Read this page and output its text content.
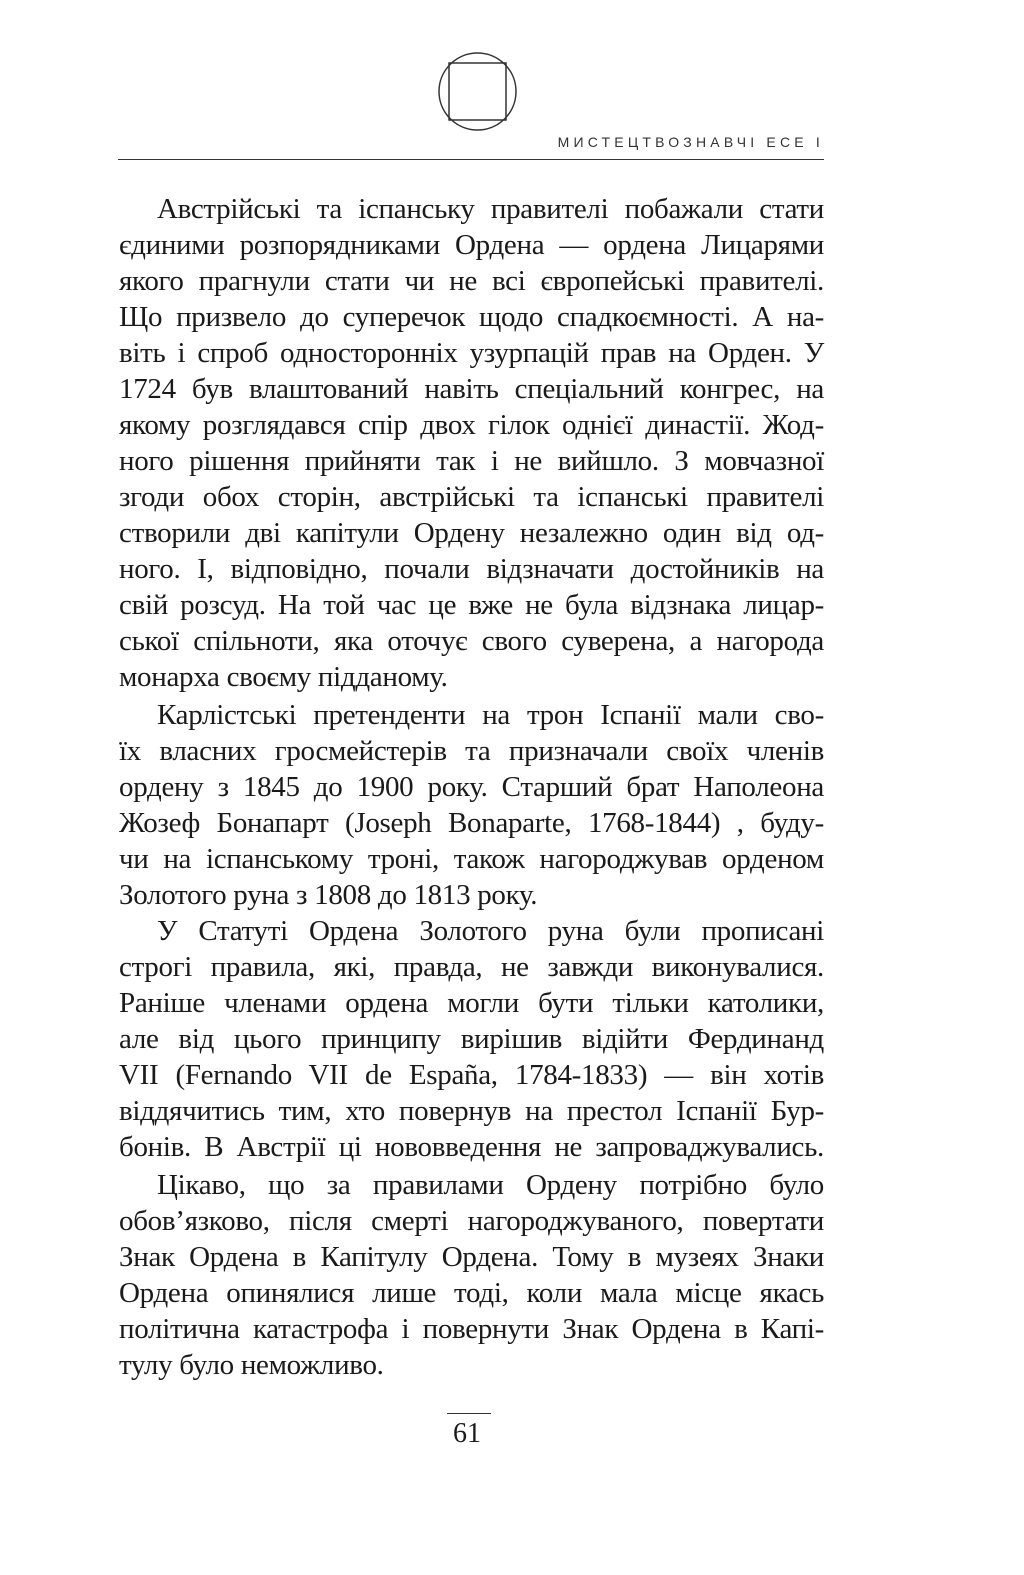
МИСТЕЦТВОЗНАВЧІ ЕСЕ І
Австрійські та іспанську правителі побажали стати
єдиними розпорядниками Ордена — ордена Лицарями
якого прагнули стати чи не всі європейські правителі.
Що призвело до суперечок щодо спадкоємності. А на-
віть і спроб односторонніх узурпацій прав на Орден. У
1724 був влаштований навіть спеціальний конгрес, на
якому розглядався спір двох гілок однієї династії. Жод-
ного рішення прийняти так і не вийшло. З мовчазної
згоди обох сторін, австрійські та іспанські правителі
створили дві капітули Ордену незалежно один від од-
ного. І, відповідно, почали відзначати достойників на
свій розсуд. На той час це вже не була відзнака лицар-
ської спільноти, яка оточує свого суверена, а нагорода
монарха своєму підданому.
Карлістські претенденти на трон Іспанії мали сво-
їх власних гросмейстерів та призначали своїх членів
ордену з 1845 до 1900 року. Старший брат Наполеона
Жозеф Бонапарт (Joseph Bonaparte, 1768-1844) , буду-
чи на іспанському троні, також нагороджував орденом
Золотого руна з 1808 до 1813 року.
У Статуті Ордена Золотого руна були прописані
строгі правила, які, правда, не завжди виконувалися.
Раніше членами ордена могли бути тільки католики,
але від цього принципу вирішив відійти Фердинанд
VII (Fernando VII de España, 1784-1833) — він хотів
віддячитись тим, хто повернув на престол Іспанії Бур-
бонів. В Австрії ці нововведення не запроваджувались.
Цікаво, що за правилами Ордену потрібно було
обов’язково, після смерті нагороджуваного, повертати
Знак Ордена в Капітулу Ордена. Тому в музеях Знаки
Ордена опинялися лише тоді, коли мала місце якась
політична катастрофа і повернути Знак Ордена в Капі-
тулу було неможливо.
61
